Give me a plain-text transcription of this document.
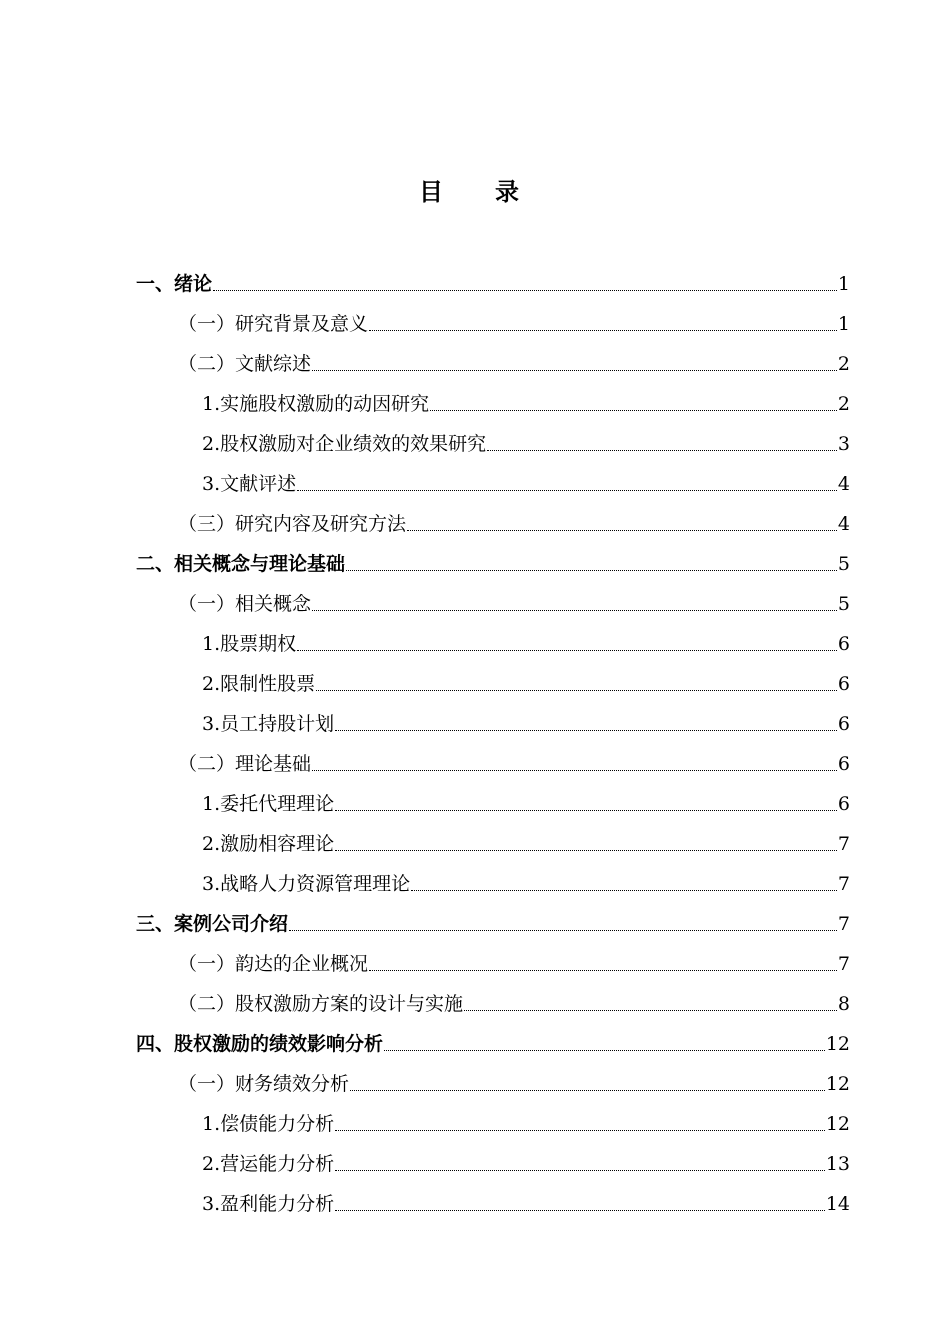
目录
一、绪论	1
（一）研究背景及意义	1
（二）文献综述	2
1.实施股权激励的动因研究	2
2.股权激励对企业绩效的效果研究	3
3.文献评述	4
（三）研究内容及研究方法	4
二、相关概念与理论基础	5
（一）相关概念	5
1.股票期权	6
2.限制性股票	6
3.员工持股计划	6
（二）理论基础	6
1.委托代理理论	6
2.激励相容理论	7
3.战略人力资源管理理论	7
三、案例公司介绍	7
（一）韵达的企业概况	7
（二）股权激励方案的设计与实施	8
四、股权激励的绩效影响分析	12
（一）财务绩效分析	12
1.偿债能力分析	12
2.营运能力分析	13
3.盈利能力分析	14
